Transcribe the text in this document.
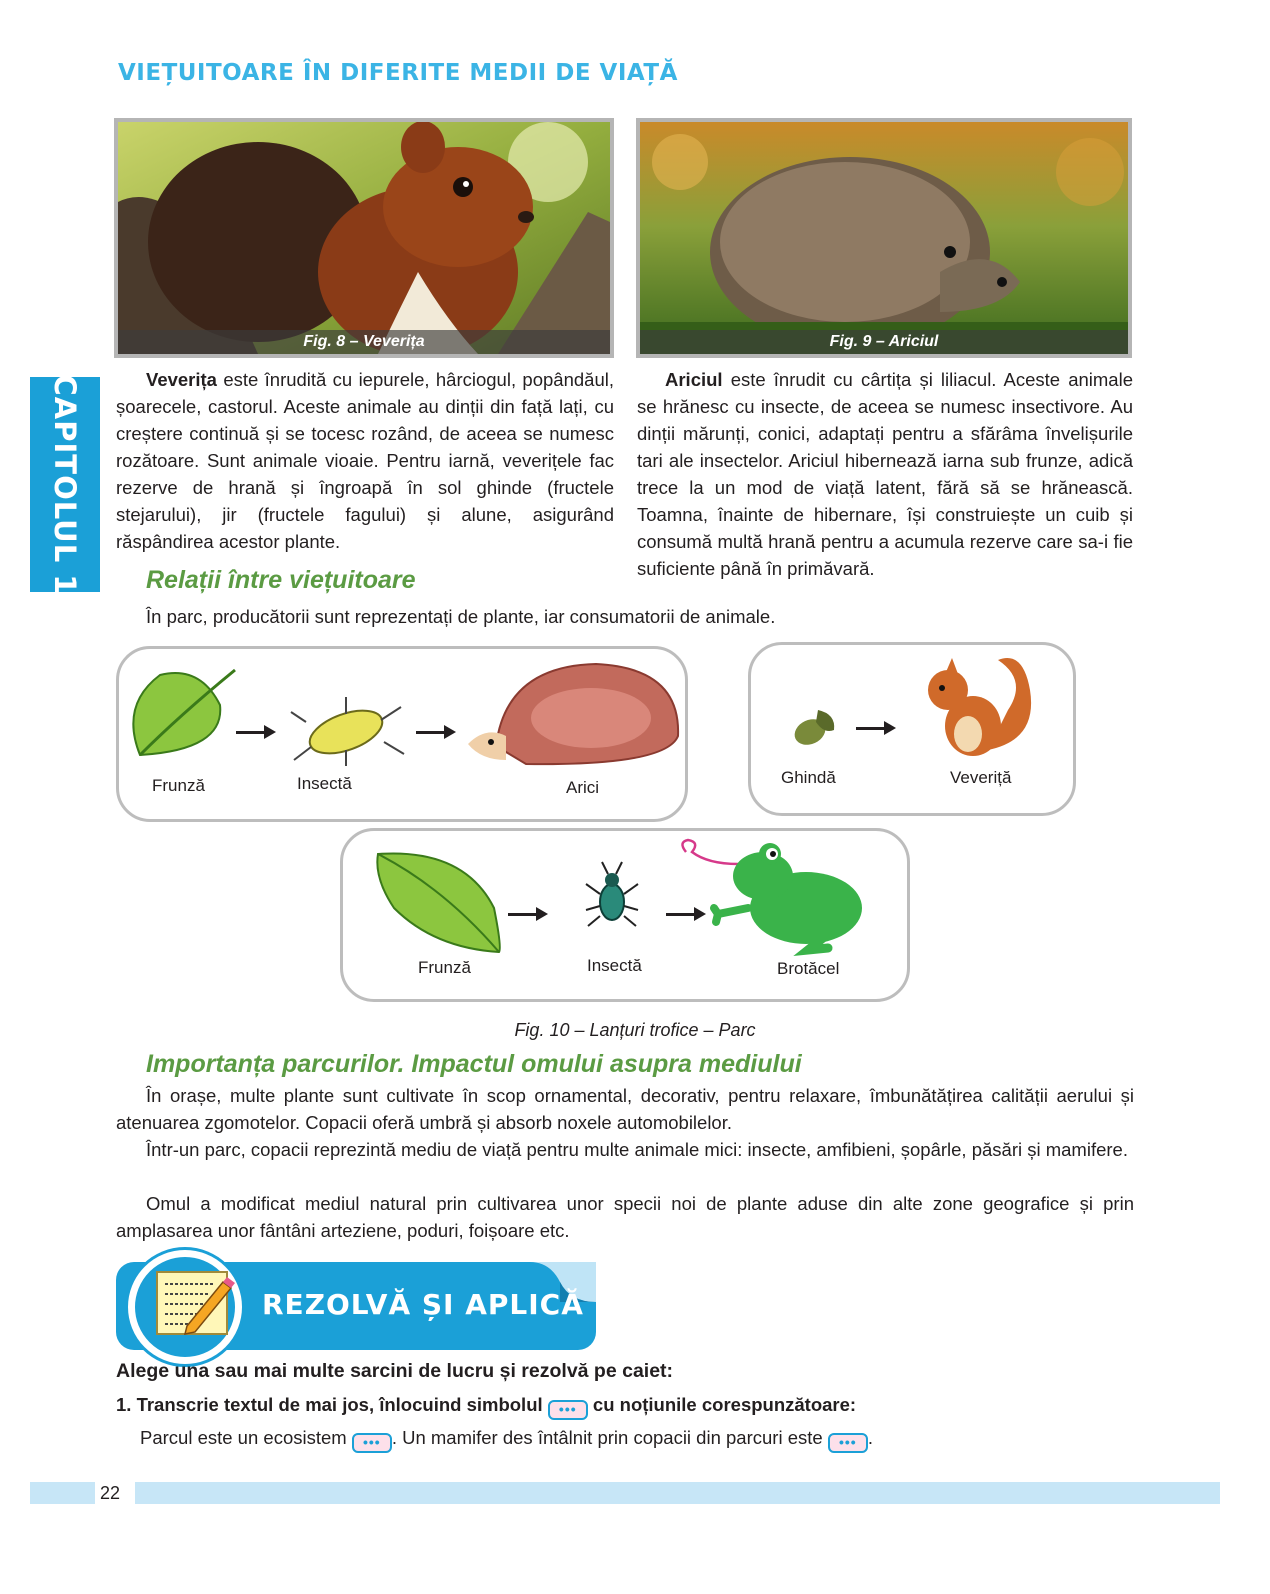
VIEȚUITOARE ÎN DIFERITE MEDII DE VIAȚĂ
CAPITOLUL 1
Fig. 8 – Veverița	Fig. 9 – Ariciul
Veverița este înrudită cu iepurele, hârciogul, popândăul, șoarecele, castorul. Aceste animale au dinții din față lați, cu creștere continuă și se tocesc rozând, de aceea se numesc rozătoare. Sunt animale vioaie. Pentru iarnă, veverițele fac rezerve de hrană și îngroapă în sol ghinde (fructele stejarului), jir (fructele fagului) și alune, asigurând răspândirea acestor plante.
Ariciul este înrudit cu cârtița și liliacul. Aceste animale se hrănesc cu insecte, de aceea se numesc insectivore. Au dinții mărunți, conici, adaptați pentru a sfărâma învelișurile tari ale insectelor. Ariciul hibernează iarna sub frunze, adică trece la un mod de viață latent, fără să se hrănească. Toamna, înainte de hibernare, își construiește un cuib și consumă multă hrană pentru a acumula rezerve care sa-i fie suficiente până în primăvară.
Relații între viețuitoare
În parc, producătorii sunt reprezentați de plante, iar consumatorii de animale.
Frunză	Insectă	Arici
Ghindă	Veveriță
Frunză	Insectă	Brotăcel
Fig. 10 – Lanțuri trofice – Parc
Importanța parcurilor. Impactul omului asupra mediului
În orașe, multe plante sunt cultivate în scop ornamental, decorativ, pentru relaxare, îmbunătățirea calității aerului și atenuarea zgomotelor. Copacii oferă umbră și absorb noxele automobilelor.
Într-un parc, copacii reprezintă mediu de viață pentru multe animale mici: insecte, amfibieni, șopârle, păsări și mamifere.
Omul a modificat mediul natural prin cultivarea unor specii noi de plante aduse din alte zone geografice și prin amplasarea unor fântâni arteziene, poduri, foișoare etc.
REZOLVĂ ȘI APLICĂ
Alege una sau mai multe sarcini de lucru și rezolvă pe caiet:
1. Transcrie textul de mai jos, înlocuind simbolul ••• cu noțiunile corespunzătoare:
Parcul este un ecosistem ••• . Un mamifer des întâlnit prin copacii din parcuri este ••• .
22
